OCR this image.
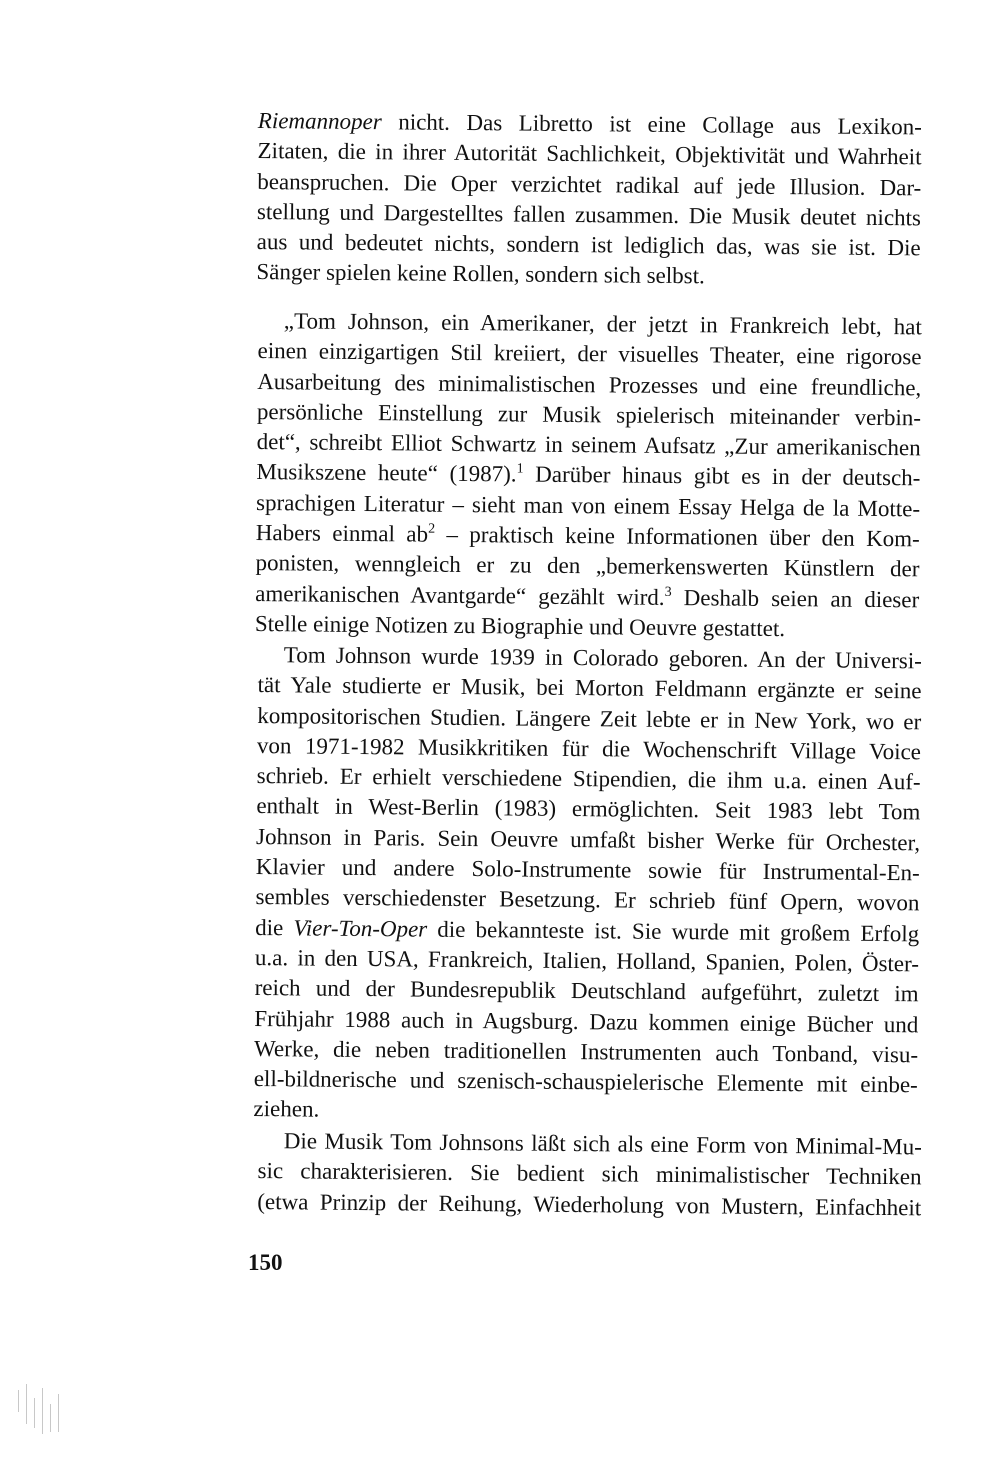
Riemannoper nicht. Das Libretto ist eine Collage aus Lexikon-
Zitaten, die in ihrer Autorität Sachlichkeit, Objektivität und Wahrheit
beanspruchen. Die Oper verzichtet radikal auf jede Illusion. Dar-
stellung und Dargestelltes fallen zusammen. Die Musik deutet nichts
aus und bedeutet nichts, sondern ist lediglich das, was sie ist. Die
Sänger spielen keine Rollen, sondern sich selbst.
„Tom Johnson, ein Amerikaner, der jetzt in Frankreich lebt, hat
einen einzigartigen Stil kreiiert, der visuelles Theater, eine rigorose
Ausarbeitung des minimalistischen Prozesses und eine freundliche,
persönliche Einstellung zur Musik spielerisch miteinander verbin-
det“, schreibt Elliot Schwartz in seinem Aufsatz „Zur amerikanischen
Musikszene heute“ (1987).$^1$ Darüber hinaus gibt es in der deutsch-
sprachigen Literatur – sieht man von einem Essay Helga de la Motte-
Habers einmal $ab^2$ – praktisch keine Informationen über den Kom-
ponisten, wenngleich er zu den „bemerkenswerten Künstlern der
amerikanischen Avantgarde“ gezählt wird.$^3$ Deshalb seien an dieser
Stelle einige Notizen zu Biographie und Oeuvre gestattet.
Tom Johnson wurde 1939 in Colorado geboren. An der Universi-
tät Yale studierte er Musik, bei Morton Feldmann ergänzte er seine
kompositorischen Studien. Längere Zeit lebte er in New York, wo er
von 1971-1982 Musikkritiken für die Wochenschrift Village Voice
schrieb. Er erhielt verschiedene Stipendien, die ihm u.a. einen Auf-
enthalt in West-Berlin (1983) ermöglichten. Seit 1983 lebt Tom
Johnson in Paris. Sein Oeuvre umfaßt bisher Werke für Orchester,
Klavier und andere Solo-Instrumente sowie für Instrumental-En-
sembles verschiedenster Besetzung. Er schrieb fünf Opern, wovon
die Vier-Ton-Oper die bekannteste ist. Sie wurde mit großem Erfolg
u.a. in den USA, Frankreich, Italien, Holland, Spanien, Polen, Öster-
reich und der Bundesrepublik Deutschland aufgeführt, zuletzt im
Frühjahr 1988 auch in Augsburg. Dazu kommen einige Bücher und
Werke, die neben traditionellen Instrumenten auch Tonband, visu-
ell-bildnerische und szenisch-schauspielerische Elemente mit einbe-
ziehen.
Die Musik Tom Johnsons läßt sich als eine Form von Minimal-Mu-
sic charakterisieren. Sie bedient sich minimalistischer Techniken
(etwa Prinzip der Reihung, Wiederholung von Mustern, Einfachheit
150
